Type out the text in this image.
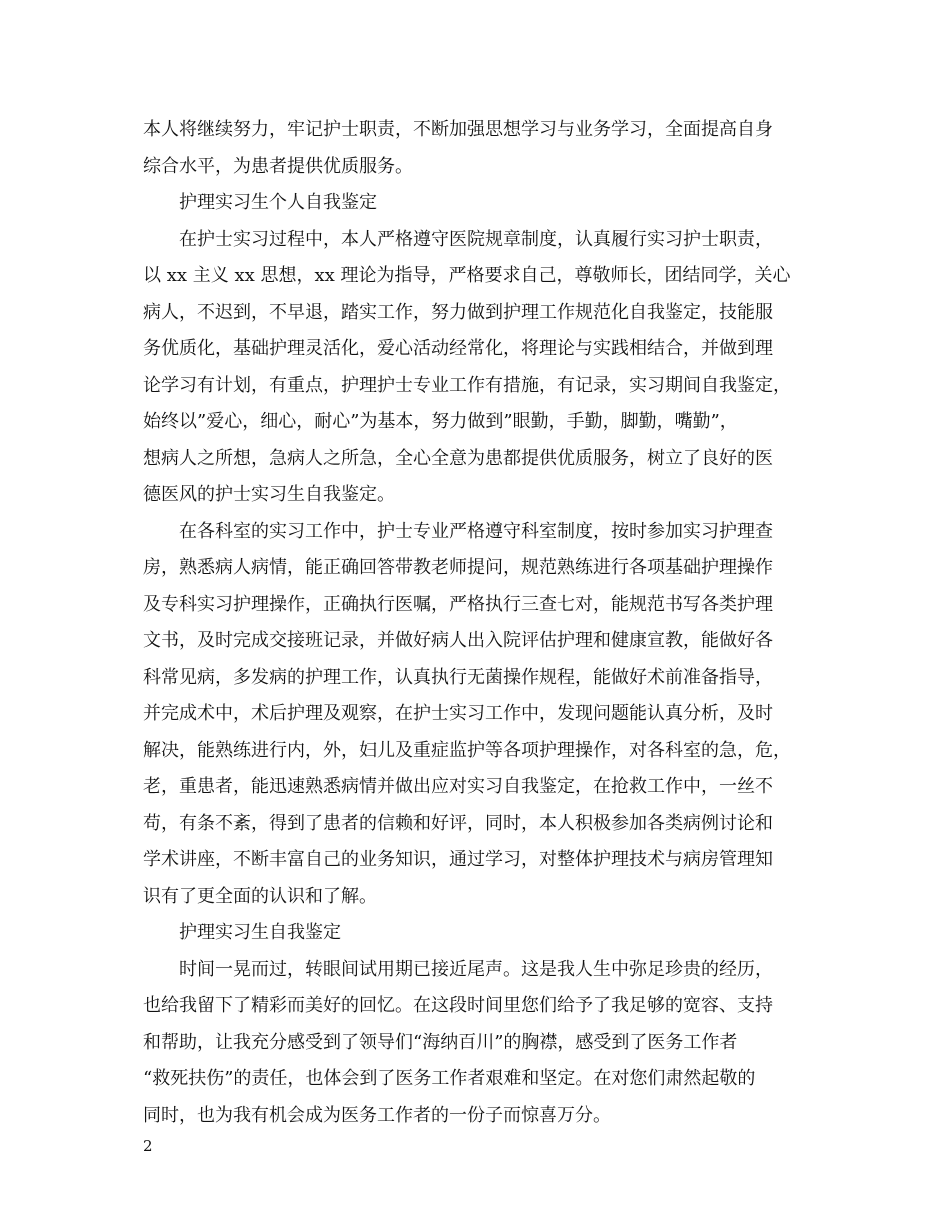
本人将继续努力，牢记护士职责，不断加强思想学习与业务学习，全面提高自身
综合水平，为患者提供优质服务。
护理实习生个人自我鉴定
在护士实习过程中，本人严格遵守医院规章制度，认真履行实习护士职责，
以 xx 主义 xx 思想，xx 理论为指导，严格要求自己，尊敬师长，团结同学，关心
病人，不迟到，不早退，踏实工作，努力做到护理工作规范化自我鉴定，技能服
务优质化，基础护理灵活化，爱心活动经常化，将理论与实践相结合，并做到理
论学习有计划，有重点，护理护士专业工作有措施，有记录，实习期间自我鉴定，
始终以”爱心，细心，耐心”为基本，努力做到”眼勤，手勤，脚勤，嘴勤”，
想病人之所想，急病人之所急，全心全意为患都提供优质服务，树立了良好的医
德医风的护士实习生自我鉴定。
在各科室的实习工作中，护士专业严格遵守科室制度，按时参加实习护理查
房，熟悉病人病情，能正确回答带教老师提问，规范熟练进行各项基础护理操作
及专科实习护理操作，正确执行医嘱，严格执行三查七对，能规范书写各类护理
文书，及时完成交接班记录，并做好病人出入院评估护理和健康宣教，能做好各
科常见病，多发病的护理工作，认真执行无菌操作规程，能做好术前准备指导，
并完成术中，术后护理及观察，在护士实习工作中，发现问题能认真分析，及时
解决，能熟练进行内，外，妇儿及重症监护等各项护理操作，对各科室的急，危，
老，重患者，能迅速熟悉病情并做出应对实习自我鉴定，在抢救工作中，一丝不
苟，有条不紊，得到了患者的信赖和好评，同时，本人积极参加各类病例讨论和
学术讲座，不断丰富自己的业务知识，通过学习，对整体护理技术与病房管理知
识有了更全面的认识和了解。
护理实习生自我鉴定
时间一晃而过，转眼间试用期已接近尾声。这是我人生中弥足珍贵的经历，
也给我留下了精彩而美好的回忆。在这段时间里您们给予了我足够的宽容、支持
和帮助，让我充分感受到了领导们“海纳百川”的胸襟，感受到了医务工作者
“救死扶伤”的责任，也体会到了医务工作者艰难和坚定。在对您们肃然起敬的
同时，也为我有机会成为医务工作者的一份子而惊喜万分。
2
